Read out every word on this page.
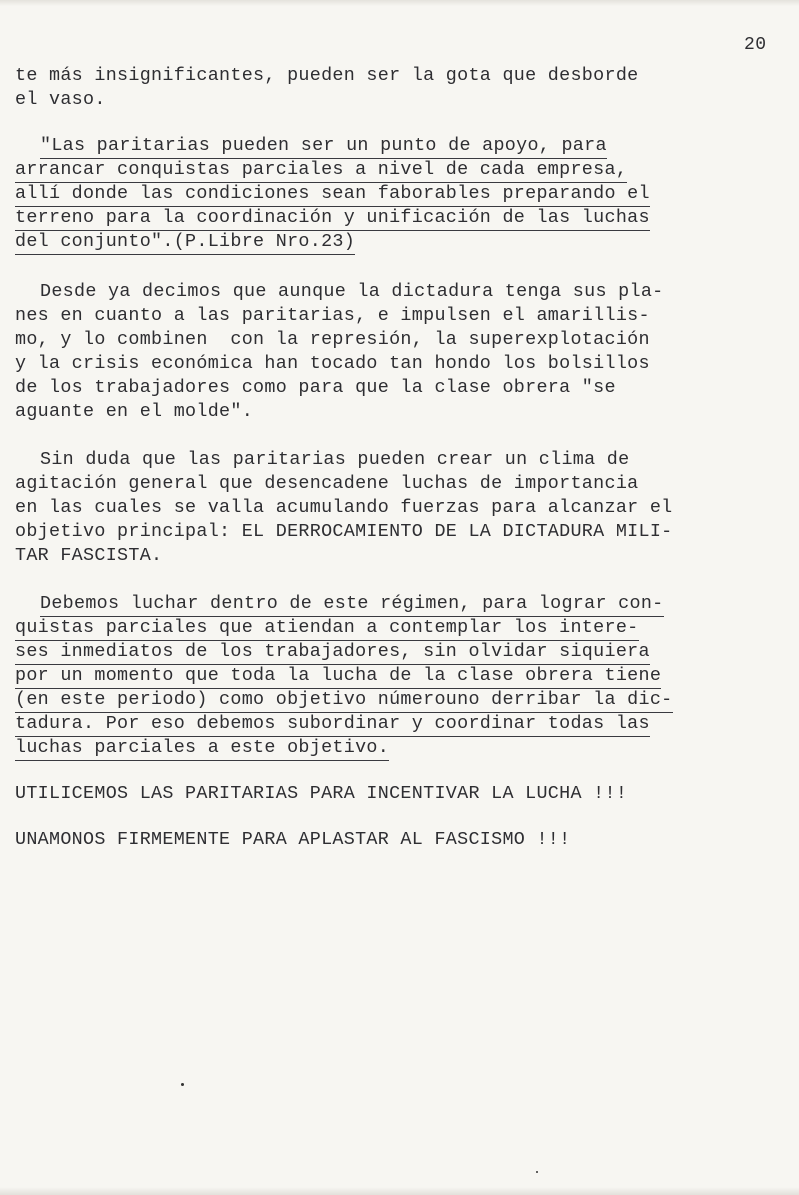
20
te más insignificantes, pueden ser la gota que desborde
el vaso.
"Las paritarias pueden ser un punto de apoyo, para
arrancar conquistas parciales a nivel de cada empresa,
allí donde las condiciones sean faborables preparando el
terreno para la coordinación y unificación de las luchas
del conjunto".(P.Libre Nro.23)
Desde ya decimos que aunque la dictadura tenga sus pla-
nes en cuanto a las paritarias, e impulsen el amarillis-
mo, y lo combinen  con la represión, la superexplotación
y la crisis económica han tocado tan hondo los bolsillos
de los trabajadores como para que la clase obrera "se
aguante en el molde".
Sin duda que las paritarias pueden crear un clima de
agitación general que desencadene luchas de importancia
en las cuales se valla acumulando fuerzas para alcanzar el
objetivo principal: EL DERROCAMIENTO DE LA DICTADURA MILI-
TAR FASCISTA.
Debemos luchar dentro de este régimen, para lograr con-
quistas parciales que atiendan a contemplar los intere-
ses inmediatos de los trabajadores, sin olvidar siquiera
por un momento que toda la lucha de la clase obrera tiene
(en este periodo) como objetivo númerouno derribar la dic-
tadura. Por eso debemos subordinar y coordinar todas las
luchas parciales a este objetivo.
UTILICEMOS LAS PARITARIAS PARA INCENTIVAR LA LUCHA !!!
UNAMONOS FIRMEMENTE PARA APLASTAR AL FASCISMO !!!
